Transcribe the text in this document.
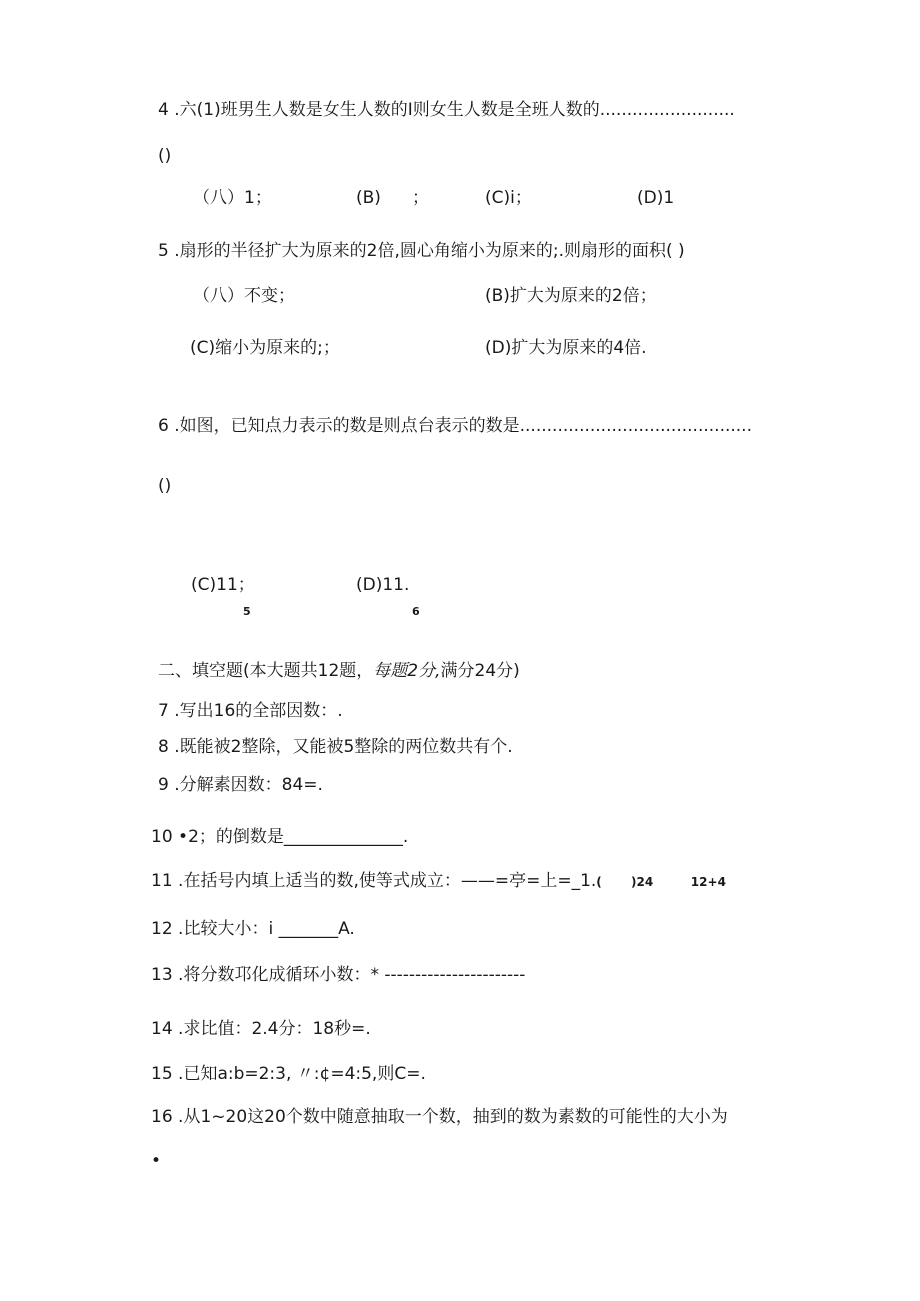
4 .六(1)班男生人数是女生人数的I则女生人数是全班人数的.........................
()
（八）1；	(B) ；	(C)i；	(D)1
5 .扇形的半径扩大为原来的2倍,圆心角缩小为原来的;.则扇形的面积( )
（八）不变；	(B)扩大为原来的2倍；
(C)缩小为原来的;；	(D)扩大为原来的4倍.
6 .如图，已知点力表示的数是则点台表示的数是...........................................
()
(C)11；
5
(D)11.
6
二、填空题(本大题共12题，每题2分,满分24分)
7 .写出16的全部因数：.
8 .既能被2整除，又能被5整除的两位数共有个.
9 .分解素因数：84=.
10 •2；的倒数是______________.
11 .在括号内填上适当的数,使等式成立：——=亭=上=_1.(       )24         12+4
12 .比较大小：i _______A.
13 .将分数邛化成循环小数：* -----------------------
14 .求比值：2.4分：18秒=.
15 .已知a:b=2:3, 〃:¢=4:5,则C=.
16 .从1~20这20个数中随意抽取一个数，抽到的数为素数的可能性的大小为
•
